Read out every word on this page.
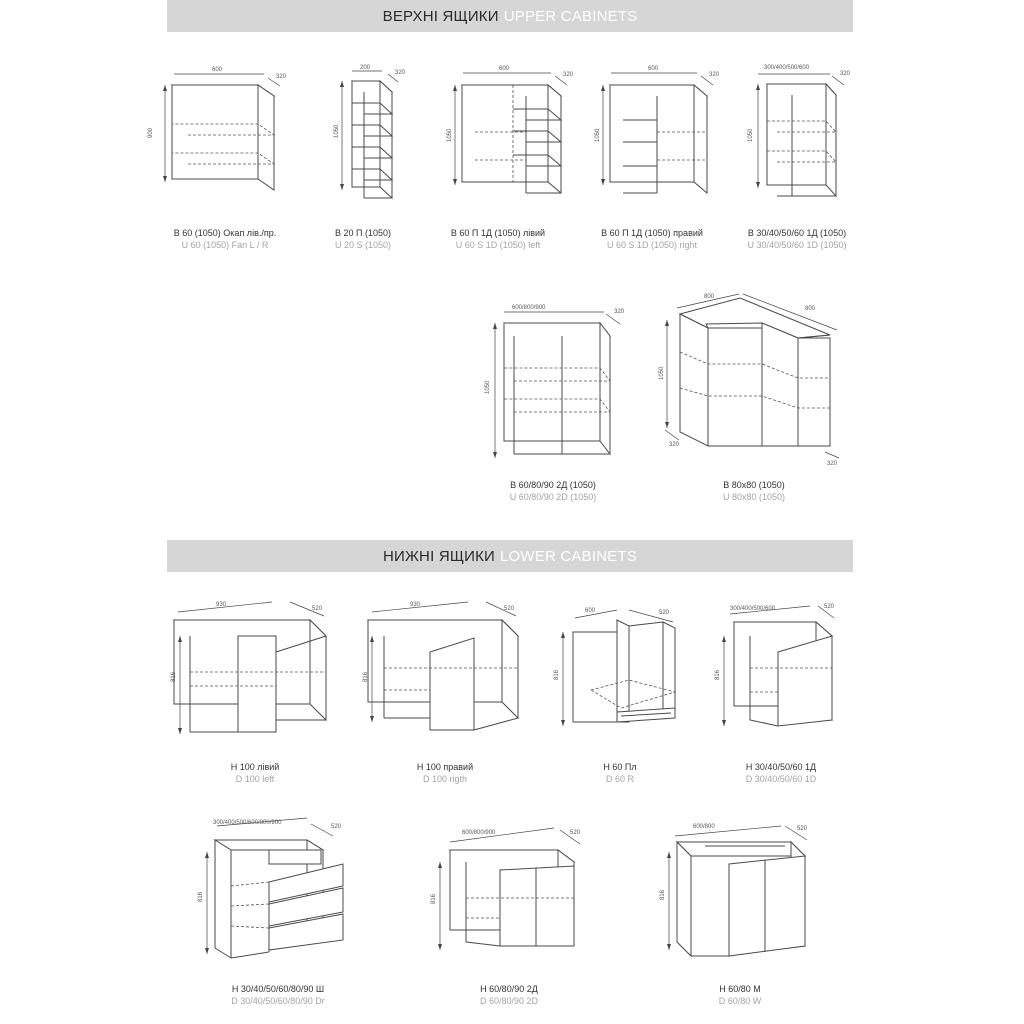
ВЕРХНІ ЯЩИКИ UPPER CABINETS
600
320
900
В 60 (1050) Окап лів./пр.
U 60 (1050) Fan L / R
200
320
1050
В 20 П (1050)
U 20 S (1050)
600
320
1050
В 60 П 1Д (1050) лівий
U 60 S 1D (1050) left
600
320
1050
В 60 П 1Д (1050) правий
U 60 S 1D (1050) right
300/400/500/600
320
1050
В 30/40/50/60 1Д (1050)
U 30/40/50/60 1D (1050)
600/800/900
320
1050
В 60/80/90 2Д (1050)
U 60/80/90 2D (1050)
800
800
1050
320
320
В 80х80 (1050)
U 80x80 (1050)
НИЖНІ ЯЩИКИ LOWER CABINETS
930
520
816
Н 100 лівий
D 100 left
930
520
816
Н 100 правий
D 100 rigth
600	520
816
Н 60 Пл
D 60 R
300/400/500/600	520
816
Н 30/40/50/60 1Д
D 30/40/50/60 1D
300/400/500/600/800/900
520
816
Н 30/40/50/60/80/90 Ш
D 30/40/50/60/80/90 Dr
600/800/900	520
816
Н 60/80/90 2Д
D 60/80/90 2D
600/800	520
816
Н 60/80 М
D 60/80 W
